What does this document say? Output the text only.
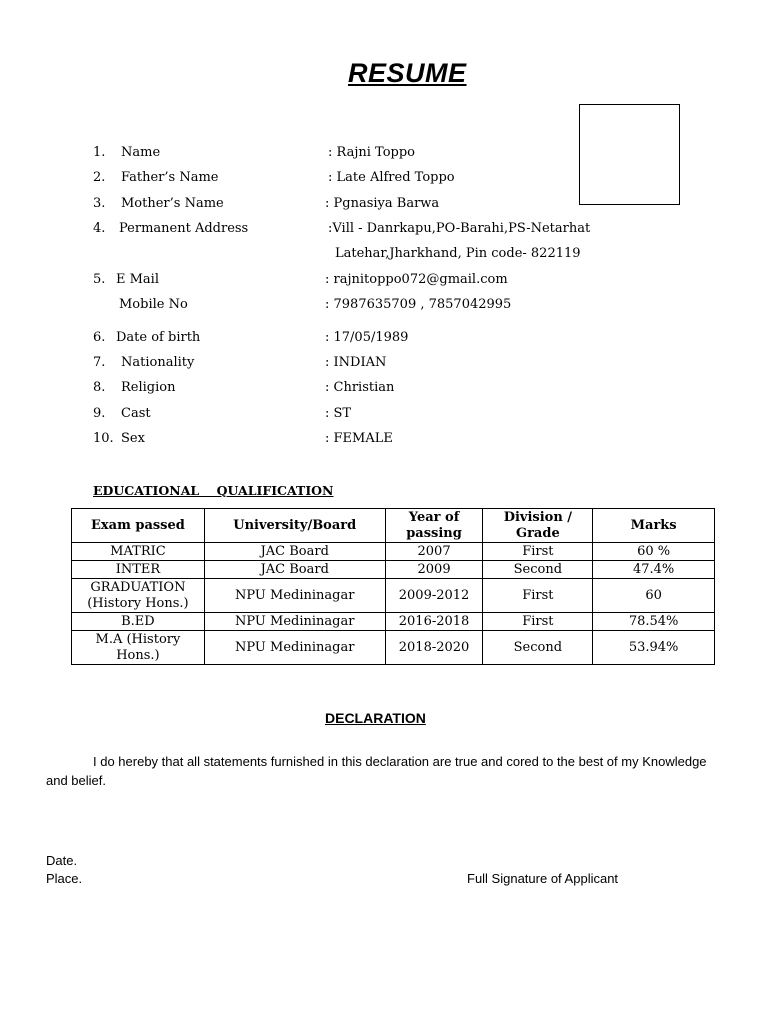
RESUME
1. Name	: Rajni Toppo
2. Father’s Name	: Late Alfred Toppo
3. Mother’s Name	: Pgnasiya Barwa
4. Permanent Address	:Vill - Danrkapu,PO-Barahi,PS-Netarhat
Latehar,Jharkhand, Pin code- 822119
5. E Mail	: rajnitoppo072@gmail.com
Mobile No	: 7987635709 , 7857042995
6. Date of birth	: 17/05/1989
7. Nationality	: INDIAN
8. Religion	: Christian
9. Cast	: ST
10. Sex	: FEMALE
EDUCATIONAL    QUALIFICATION
Exam passed	University/Board	Year of passing	Division / Grade	Marks
MATRIC	JAC Board	2007	First	60 %
INTER	JAC Board	2009	Second	47.4%
GRADUATION (History Hons.)	NPU Medininagar	2009-2012	First	60
B.ED	NPU Medininagar	2016-2018	First	78.54%
M.A (History Hons.)	NPU Medininagar	2018-2020	Second	53.94%
DECLARATION
I do hereby that all statements furnished in this declaration are true and cored to the best of my Knowledge and belief.
Date.
Place.	Full Signature of Applicant
